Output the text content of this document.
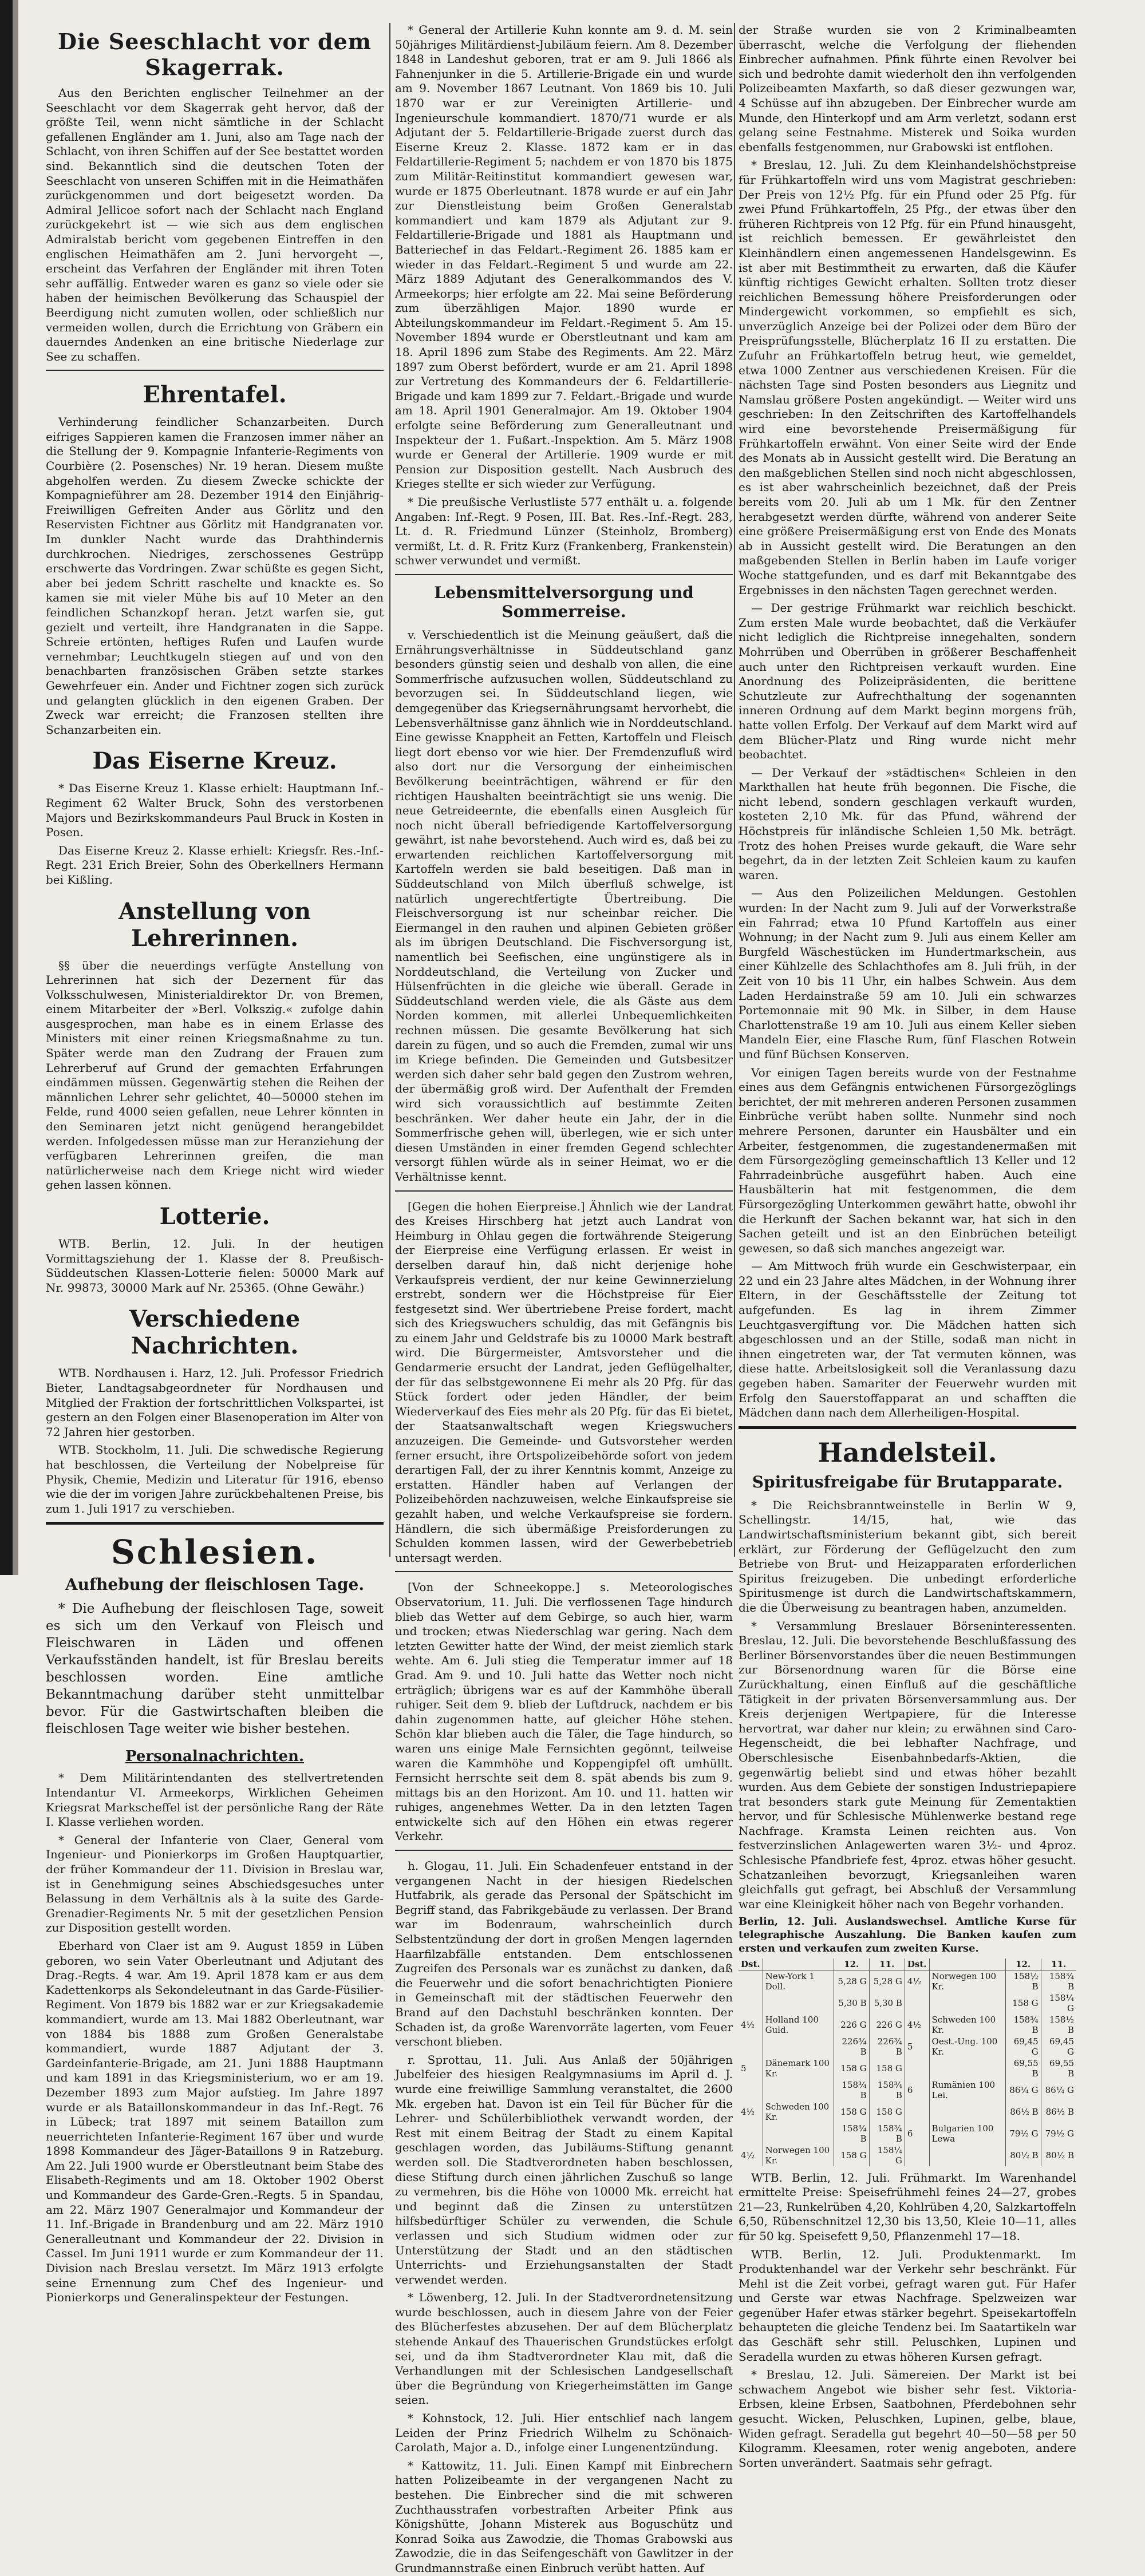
Die Seeschlacht vor dem Skagerrak.

Aus den Berichten englischer Teilnehmer an der Seeschlacht vor dem Skagerrak geht hervor, daß der größte Teil, wenn nicht sämtliche in der Schlacht gefallenen Engländer am 1. Juni, also am Tage nach der Schlacht, von ihren Schiffen auf der See bestattet worden sind. Bekanntlich sind die deutschen Toten der Seeschlacht von unseren Schiffen mit in die Heimathäfen zurückgenommen und dort beigesetzt worden. Da Admiral Jellicoe sofort nach der Schlacht nach England zurückgekehrt ist — wie sich aus dem englischen Admiralstab bericht vom gegebenen Eintreffen in den englischen Heimathäfen am 2. Juni hervorgeht —, erscheint das Verfahren der Engländer mit ihren Toten sehr auffällig. Entweder waren es ganz so viele oder sie haben der heimischen Bevölkerung das Schauspiel der Beerdigung nicht zumuten wollen, oder schließlich nur vermeiden wollen, durch die Errichtung von Gräbern ein dauerndes Andenken an eine britische Niederlage zur See zu schaffen.

Ehrentafel.

Verhinderung feindlicher Schanzarbeiten. Durch eifriges Sappieren kamen die Franzosen immer näher an die Stellung der 9. Kompagnie Infanterie-Regiments von Courbière (2. Posensches) Nr. 19 heran. Diesem mußte abgeholfen werden. Zu diesem Zwecke schickte der Kompagnieführer am 28. Dezember 1914 den Einjährig-Freiwilligen Gefreiten Ander aus Görlitz und den Reservisten Fichtner aus Görlitz mit Handgranaten vor. Im dunkler Nacht wurde das Drahthindernis durchkrochen. Niedriges, zerschossenes Gestrüpp erschwerte das Vordringen. Zwar schüßte es gegen Sicht, aber bei jedem Schritt raschelte und knackte es. So kamen sie mit vieler Mühe bis auf 10 Meter an den feindlichen Schanzkopf heran. Jetzt warfen sie, gut gezielt und verteilt, ihre Handgranaten in die Sappe. Schreie ertönten, heftiges Rufen und Laufen wurde vernehmbar; Leuchtkugeln stiegen auf und von den benachbarten französischen Gräben setzte starkes Gewehrfeuer ein. Ander und Fichtner zogen sich zurück und gelangten glücklich in den eigenen Graben. Der Zweck war erreicht; die Franzosen stellten ihre Schanzarbeiten ein.

Das Eiserne Kreuz.

* Das Eiserne Kreuz 1. Klasse erhielt: Hauptmann Inf.-Regiment 62 Walter Bruck, Sohn des verstorbenen Majors und Bezirkskommandeurs Paul Bruck in Kosten in Posen.

Das Eiserne Kreuz 2. Klasse erhielt: Kriegsfr. Res.-Inf.-Regt. 231 Erich Breier, Sohn des Oberkellners Hermann bei Kißling.

Anstellung von Lehrerinnen.

§§ über die neuerdings verfügte Anstellung von Lehrerinnen hat sich der Dezernent für das Volksschulwesen, Ministerialdirektor Dr. von Bremen, einem Mitarbeiter der »Berl. Volkszig.« zufolge dahin ausgesprochen, man habe es in einem Erlasse des Ministers mit einer reinen Kriegsmaßnahme zu tun. Später werde man den Zudrang der Frauen zum Lehrerberuf auf Grund der gemachten Erfahrungen eindämmen müssen. Gegenwärtig stehen die Reihen der männlichen Lehrer sehr gelichtet, 40—50000 stehen im Felde, rund 4000 seien gefallen, neue Lehrer könnten in den Seminaren jetzt nicht genügend herangebildet werden. Infolgedessen müsse man zur Heranziehung der verfügbaren Lehrerinnen greifen, die man natürlicherweise nach dem Kriege nicht wird wieder gehen lassen können.

Lotterie.

WTB. Berlin, 12. Juli. In der heutigen Vormittagsziehung der 1. Klasse der 8. Preußisch-Süddeutschen Klassen-Lotterie fielen: 50000 Mark auf Nr. 99873, 30000 Mark auf Nr. 25365. (Ohne Gewähr.)

Verschiedene Nachrichten.

WTB. Nordhausen i. Harz, 12. Juli. Professor Friedrich Bieter, Landtagsabgeordneter für Nordhausen und Mitglied der Fraktion der fortschrittlichen Volkspartei, ist gestern an den Folgen einer Blasenoperation im Alter von 72 Jahren hier gestorben.

WTB. Stockholm, 11. Juli. Die schwedische Regierung hat beschlossen, die Verteilung der Nobelpreise für Physik, Chemie, Medizin und Literatur für 1916, ebenso wie die der im vorigen Jahre zurückbehaltenen Preise, bis zum 1. Juli 1917 zu verschieben.

Schlesien.
Aufhebung der fleischlosen Tage.

* Die Aufhebung der fleischlosen Tage, soweit es sich um den Verkauf von Fleisch und Fleischwaren in Läden und offenen Verkaufsständen handelt, ist für Breslau bereits beschlossen worden. Eine amtliche Bekanntmachung darüber steht unmittelbar bevor. Für die Gastwirtschaften bleiben die fleischlosen Tage weiter wie bisher bestehen.

Personalnachrichten.

* Dem Militärintendanten des stellvertretenden Intendantur VI. Armeekorps, Wirklichen Geheimen Kriegsrat Markscheffel ist der persönliche Rang der Räte I. Klasse verliehen worden.

* General der Infanterie von Claer, General vom Ingenieur- und Pionierkorps im Großen Hauptquartier, der früher Kommandeur der 11. Division in Breslau war, ist in Genehmigung seines Abschiedsgesuches unter Belassung in dem Verhältnis als à la suite des Garde-Grenadier-Regiments Nr. 5 mit der gesetzlichen Pension zur Disposition gestellt worden.

Eberhard von Claer ist am 9. August 1859 in Lüben geboren, wo sein Vater Oberleutnant und Adjutant des Drag.-Regts. 4 war. Am 19. April 1878 kam er aus dem Kadettenkorps als Sekondeleutnant in das Garde-Füsilier-Regiment. Von 1879 bis 1882 war er zur Kriegsakademie kommandiert, wurde am 13. Mai 1882 Oberleutnant, war von 1884 bis 1888 zum Großen Generalstabe kommandiert, wurde 1887 Adjutant der 3. Gardeinfanterie-Brigade, am 21. Juni 1888 Hauptmann und kam 1891 in das Kriegsministerium, wo er am 19. Dezember 1893 zum Major aufstieg. Im Jahre 1897 wurde er als Bataillonskommandeur in das Inf.-Regt. 76 in Lübeck; trat 1897 mit seinem Bataillon zum neuerrichteten Infanterie-Regiment 167 über und wurde 1898 Kommandeur des Jäger-Bataillons 9 in Ratzeburg. Am 22. Juli 1900 wurde er Oberstleutnant beim Stabe des Elisabeth-Regiments und am 18. Oktober 1902 Oberst und Kommandeur des Garde-Gren.-Regts. 5 in Spandau, am 22. März 1907 Generalmajor und Kommandeur der 11. Inf.-Brigade in Brandenburg und am 22. März 1910 Generalleutnant und Kommandeur der 22. Division in Cassel. Im Juni 1911 wurde er zum Kommandeur der 11. Division nach Breslau versetzt. Im März 1913 erfolgte seine Ernennung zum Chef des Ingenieur- und Pionierkorps und Generalinspekteur der Festungen.

* General der Artillerie Kuhn konnte am 9. d. M. sein 50jähriges Militärdienst-Jubiläum feiern. Am 8. Dezember 1848 in Landeshut geboren, trat er am 9. Juli 1866 als Fahnenjunker in die 5. Artillerie-Brigade ein und wurde am 9. November 1867 Leutnant. Von 1869 bis 10. Juli 1870 war er zur Vereinigten Artillerie- und Ingenieurschule kommandiert. 1870/71 wurde er als Adjutant der 5. Feldartillerie-Brigade zuerst durch das Eiserne Kreuz 2. Klasse. 1872 kam er in das Feldartillerie-Regiment 5; nachdem er von 1870 bis 1875 zum Militär-Reitinstitut kommandiert gewesen war, wurde er 1875 Oberleutnant. 1878 wurde er auf ein Jahr zur Dienstleistung beim Großen Generalstab kommandiert und kam 1879 als Adjutant zur 9. Feldartillerie-Brigade und 1881 als Hauptmann und Batteriechef in das Feldart.-Regiment 26. 1885 kam er wieder in das Feldart.-Regiment 5 und wurde am 22. März 1889 Adjutant des Generalkommandos des V. Armeekorps; hier erfolgte am 22. Mai seine Beförderung zum überzähligen Major. 1890 wurde er Abteilungskommandeur im Feldart.-Regiment 5. Am 15. November 1894 wurde er Oberstleutnant und kam am 18. April 1896 zum Stabe des Regiments. Am 22. März 1897 zum Oberst befördert, wurde er am 21. April 1898 zur Vertretung des Kommandeurs der 6. Feldartillerie-Brigade und kam 1899 zur 7. Feldart.-Brigade und wurde am 18. April 1901 Generalmajor. Am 19. Oktober 1904 erfolgte seine Beförderung zum Generalleutnant und Inspekteur der 1. Fußart.-Inspektion. Am 5. März 1908 wurde er General der Artillerie. 1909 wurde er mit Pension zur Disposition gestellt. Nach Ausbruch des Krieges stellte er sich wieder zur Verfügung.

* Die preußische Verlustliste 577 enthält u. a. folgende Angaben: Inf.-Regt. 9 Posen, III. Bat. Res.-Inf.-Regt. 283, Lt. d. R. Friedmund Lünzer (Steinholz, Bromberg) vermißt, Lt. d. R. Fritz Kurz (Frankenberg, Frankenstein) schwer verwundet und vermißt.

Lebensmittelversorgung und Sommerreise.

v. Verschiedentlich ist die Meinung geäußert, daß die Ernährungsverhältnisse in Süddeutschland ganz besonders günstig seien und deshalb von allen, die eine Sommerfrische aufzusuchen wollen, Süddeutschland zu bevorzugen sei. In Süddeutschland liegen, wie demgegenüber das Kriegsernährungsamt hervorhebt, die Lebensverhältnisse ganz ähnlich wie in Norddeutschland. Eine gewisse Knappheit an Fetten, Kartoffeln und Fleisch liegt dort ebenso vor wie hier. Der Fremdenzufluß wird also dort nur die Versorgung der einheimischen Bevölkerung beeinträchtigen, während er für den richtigen Haushalten beeinträchtigt sie uns wenig. Die neue Getreideernte, die ebenfalls einen Ausgleich für noch nicht überall befriedigende Kartoffelversorgung gewährt, ist nahe bevorstehend. Auch wird es, daß bei zu erwartenden reichlichen Kartoffelversorgung mit Kartoffeln werden sie bald beseitigen. Daß man in Süddeutschland von Milch überfluß schwelge, ist natürlich ungerechtfertigte Übertreibung. Die Fleischversorgung ist nur scheinbar reicher. Die Eiermangel in den rauhen und alpinen Gebieten größer als im übrigen Deutschland. Die Fischversorgung ist, namentlich bei Seefischen, eine ungünstigere als in Norddeutschland, die Verteilung von Zucker und Hülsenfrüchten in die gleiche wie überall. Gerade in Süddeutschland werden viele, die als Gäste aus dem Norden kommen, mit allerlei Unbequemlichkeiten rechnen müssen. Die gesamte Bevölkerung hat sich darein zu fügen, und so auch die Fremden, zumal wir uns im Kriege befinden. Die Gemeinden und Gutsbesitzer werden sich daher sehr bald gegen den Zustrom wehren, der übermäßig groß wird. Der Aufenthalt der Fremden wird sich voraussichtlich auf bestimmte Zeiten beschränken. Wer daher heute ein Jahr, der in die Sommerfrische gehen will, überlegen, wie er sich unter diesen Umständen in einer fremden Gegend schlechter versorgt fühlen würde als in seiner Heimat, wo er die Verhältnisse kennt.

[Gegen die hohen Eierpreise.] Ähnlich wie der Landrat des Kreises Hirschberg hat jetzt auch Landrat von Heimburg in Ohlau gegen die fortwährende Steigerung der Eierpreise eine Verfügung erlassen. Er weist in derselben darauf hin, daß nicht derjenige hohe Verkaufspreis verdient, der nur keine Gewinnerzielung erstrebt, sondern wer die Höchstpreise für Eier festgesetzt sind. Wer übertriebene Preise fordert, macht sich des Kriegswuchers schuldig, das mit Gefängnis bis zu einem Jahr und Geldstrafe bis zu 10000 Mark bestraft wird. Die Bürgermeister, Amtsvorsteher und die Gendarmerie ersucht der Landrat, jeden Geflügelhalter, der für das selbstgewonnene Ei mehr als 20 Pfg. für das Stück fordert oder jeden Händler, der beim Wiederverkauf des Eies mehr als 20 Pfg. für das Ei bietet, der Staatsanwaltschaft wegen Kriegswuchers anzuzeigen. Die Gemeinde- und Gutsvorsteher werden ferner ersucht, ihre Ortspolizeibehörde sofort von jedem derartigen Fall, der zu ihrer Kenntnis kommt, Anzeige zu erstatten. Händler haben auf Verlangen der Polizeibehörden nachzuweisen, welche Einkaufspreise sie gezahlt haben, und welche Verkaufspreise sie fordern. Händlern, die sich übermäßige Preisforderungen zu Schulden kommen lassen, wird der Gewerbebetrieb untersagt werden.

[Von der Schneekoppe.] s. Meteorologisches Observatorium, 11. Juli. Die verflossenen Tage hindurch blieb das Wetter auf dem Gebirge, so auch hier, warm und trocken; etwas Niederschlag war gering. Nach dem letzten Gewitter hatte der Wind, der meist ziemlich stark wehte. Am 6. Juli stieg die Temperatur immer auf 18 Grad. Am 9. und 10. Juli hatte das Wetter noch nicht erträglich; übrigens war es auf der Kammhöhe überall ruhiger. Seit dem 9. blieb der Luftdruck, nachdem er bis dahin zugenommen hatte, auf gleicher Höhe stehen. Schön klar blieben auch die Täler, die Tage hindurch, so waren uns einige Male Fernsichten gegönnt, teilweise waren die Kammhöhe und Koppengipfel oft umhüllt. Fernsicht herrschte seit dem 8. spät abends bis zum 9. mittags bis an den Horizont. Am 10. und 11. hatten wir ruhiges, angenehmes Wetter. Da in den letzten Tagen entwickelte sich auf den Höhen ein etwas regerer Verkehr.

h. Glogau, 11. Juli. Ein Schadenfeuer entstand in der vergangenen Nacht in der hiesigen Riedelschen Hutfabrik, als gerade das Personal der Spätschicht im Begriff stand, das Fabrikgebäude zu verlassen. Der Brand war im Bodenraum, wahrscheinlich durch Selbstentzündung der dort in großen Mengen lagernden Haarfilzabfälle entstanden. Dem entschlossenen Zugreifen des Personals war es zunächst zu danken, daß die Feuerwehr und die sofort benachrichtigten Pioniere in Gemeinschaft mit der städtischen Feuerwehr den Brand auf den Dachstuhl beschränken konnten. Der Schaden ist, da große Warenvorräte lagerten, vom Feuer verschont blieben.

r. Sprottau, 11. Juli. Aus Anlaß der 50jährigen Jubelfeier des hiesigen Realgymnasiums im April d. J. wurde eine freiwillige Sammlung veranstaltet, die 2600 Mk. ergeben hat. Davon ist ein Teil für Bücher für die Lehrer- und Schülerbibliothek verwandt worden, der Rest mit einem Beitrag der Stadt zu einem Kapital geschlagen worden, das Jubiläums-Stiftung genannt werden soll. Die Stadtverordneten haben beschlossen, diese Stiftung durch einen jährlichen Zuschuß so lange zu vermehren, bis die Höhe von 10000 Mk. erreicht hat und beginnt daß die Zinsen zu unterstützen hilfsbedürftiger Schüler zu verwenden, die Schule verlassen und sich Studium widmen oder zur Unterstützung der Stadt und an den städtischen Unterrichts- und Erziehungsanstalten der Stadt verwendet werden.

* Löwenberg, 12. Juli. In der Stadtverordnetensitzung wurde beschlossen, auch in diesem Jahre von der Feier des Blücherfestes abzusehen. Der auf dem Blücherplatz stehende Ankauf des Thauerischen Grundstückes erfolgt sei, und da ihm Stadtverordneter Klau mit, daß die Verhandlungen mit der Schlesischen Landgesellschaft über die Begründung von Kriegerheimstätten im Gange seien.

* Kohnstock, 12. Juli. Hier entschlief nach langem Leiden der Prinz Friedrich Wilhelm zu Schönaich-Carolath, Major a. D., infolge einer Lungenentzündung.

* Kattowitz, 11. Juli. Einen Kampf mit Einbrechern hatten Polizeibeamte in der vergangenen Nacht zu bestehen. Die Einbrecher sind die mit schweren Zuchthausstrafen vorbestraften Arbeiter Pfink aus Königshütte, Johann Misterek aus Boguschütz und Konrad Soika aus Zawodzie, die Thomas Grabowski aus Zawodzie, die in das Seifengeschäft von Gawlitzer in der Grundmannstraße einen Einbruch verübt hatten. Auf

der Straße wurden sie von 2 Kriminalbeamten überrascht, welche die Verfolgung der fliehenden Einbrecher aufnahmen. Pfink führte einen Revolver bei sich und bedrohte damit wiederholt den ihn verfolgenden Polizeibeamten Maxfarth, so daß dieser gezwungen war, 4 Schüsse auf ihn abzugeben. Der Einbrecher wurde am Munde, den Hinterkopf und am Arm verletzt, sodann erst gelang seine Festnahme. Misterek und Soika wurden ebenfalls festgenommen, nur Grabowski ist entflohen.

* Breslau, 12. Juli. Zu dem Kleinhandelshöchstpreise für Frühkartoffeln wird uns vom Magistrat geschrieben: Der Preis von 12½ Pfg. für ein Pfund oder 25 Pfg. für zwei Pfund Frühkartoffeln, 25 Pfg., der etwas über den früheren Richtpreis von 12 Pfg. für ein Pfund hinausgeht, ist reichlich bemessen. Er gewährleistet den Kleinhändlern einen angemessenen Handelsgewinn. Es ist aber mit Bestimmtheit zu erwarten, daß die Käufer künftig richtiges Gewicht erhalten. Sollten trotz dieser reichlichen Bemessung höhere Preisforderungen oder Mindergewicht vorkommen, so empfiehlt es sich, unverzüglich Anzeige bei der Polizei oder dem Büro der Preisprüfungsstelle, Blücherplatz 16 II zu erstatten. Die Zufuhr an Frühkartoffeln betrug heut, wie gemeldet, etwa 1000 Zentner aus verschiedenen Kreisen. Für die nächsten Tage sind Posten besonders aus Liegnitz und Namslau größere Posten angekündigt. — Weiter wird uns geschrieben: In den Zeitschriften des Kartoffelhandels wird eine bevorstehende Preisermäßigung für Frühkartoffeln erwähnt. Von einer Seite wird der Ende des Monats ab in Aussicht gestellt wird. Die Beratung an den maßgeblichen Stellen sind noch nicht abgeschlossen, es ist aber wahrscheinlich bezeichnet, daß der Preis bereits vom 20. Juli ab um 1 Mk. für den Zentner herabgesetzt werden dürfte, während von anderer Seite eine größere Preisermäßigung erst von Ende des Monats ab in Aussicht gestellt wird. Die Beratungen an den maßgebenden Stellen in Berlin haben im Laufe voriger Woche stattgefunden, und es darf mit Bekanntgabe des Ergebnisses in den nächsten Tagen gerechnet werden.

— Der gestrige Frühmarkt war reichlich beschickt. Zum ersten Male wurde beobachtet, daß die Verkäufer nicht lediglich die Richtpreise innegehalten, sondern Mohrrüben und Oberrüben in größerer Beschaffenheit auch unter den Richtpreisen verkauft wurden. Eine Anordnung des Polizeipräsidenten, die berittene Schutzleute zur Aufrechthaltung der sogenannten inneren Ordnung auf dem Markt beginn morgens früh, hatte vollen Erfolg. Der Verkauf auf dem Markt wird auf dem Blücher-Platz und Ring wurde nicht mehr beobachtet.

— Der Verkauf der »städtischen« Schleien in den Markthallen hat heute früh begonnen. Die Fische, die nicht lebend, sondern geschlagen verkauft wurden, kosteten 2,10 Mk. für das Pfund, während der Höchstpreis für inländische Schleien 1,50 Mk. beträgt. Trotz des hohen Preises wurde gekauft, die Ware sehr begehrt, da in der letzten Zeit Schleien kaum zu kaufen waren.

— Aus den Polizeilichen Meldungen. Gestohlen wurden: In der Nacht zum 9. Juli auf der Vorwerkstraße ein Fahrrad; etwa 10 Pfund Kartoffeln aus einer Wohnung; in der Nacht zum 9. Juli aus einem Keller am Burgfeld Wäschestücken im Hundertmarkschein, aus einer Kühlzelle des Schlachthofes am 8. Juli früh, in der Zeit von 10 bis 11 Uhr, ein halbes Schwein. Aus dem Laden Herdainstraße 59 am 10. Juli ein schwarzes Portemonnaie mit 90 Mk. in Silber, in dem Hause Charlottenstraße 19 am 10. Juli aus einem Keller sieben Mandeln Eier, eine Flasche Rum, fünf Flaschen Rotwein und fünf Büchsen Konserven.

Vor einigen Tagen bereits wurde von der Festnahme eines aus dem Gefängnis entwichenen Fürsorgezöglings berichtet, der mit mehreren anderen Personen zusammen Einbrüche verübt haben sollte. Nunmehr sind noch mehrere Personen, darunter ein Hausbälter und ein Arbeiter, festgenommen, die zugestandenermaßen mit dem Fürsorgezögling gemeinschaftlich 13 Keller und 12 Fahrradeinbrüche ausgeführt haben. Auch eine Hausbälterin hat mit festgenommen, die dem Fürsorgezögling Unterkommen gewährt hatte, obwohl ihr die Herkunft der Sachen bekannt war, hat sich in den Sachen geteilt und ist an den Einbrüchen beteiligt gewesen, so daß sich manches angezeigt war.

— Am Mittwoch früh wurde ein Geschwisterpaar, ein 22 und ein 23 Jahre altes Mädchen, in der Wohnung ihrer Eltern, in der Geschäftsstelle der Zeitung tot aufgefunden. Es lag in ihrem Zimmer Leuchtgasvergiftung vor. Die Mädchen hatten sich abgeschlossen und an der Stille, sodaß man nicht in ihnen eingetreten war, der Tat vermuten können, was diese hatte. Arbeitslosigkeit soll die Veranlassung dazu gegeben haben. Samariter der Feuerwehr wurden mit Erfolg den Sauerstoffapparat an und schafften die Mädchen dann nach dem Allerheiligen-Hospital.

Handelsteil.
Spiritusfreigabe für Brutapparate.

* Die Reichsbranntweinstelle in Berlin W 9, Schellingstr. 14/15, hat, wie das Landwirtschaftsministerium bekannt gibt, sich bereit erklärt, zur Förderung der Geflügelzucht den zum Betriebe von Brut- und Heizapparaten erforderlichen Spiritus freizugeben. Die unbedingt erforderliche Spiritusmenge ist durch die Landwirtschaftskammern, die die Überweisung zu beantragen haben, anzumelden.

* Versammlung Breslauer Börseninteressenten. Breslau, 12. Juli. Die bevorstehende Beschlußfassung des Berliner Börsenvorstandes über die neuen Bestimmungen zur Börsenordnung waren für die Börse eine Zurückhaltung, einen Einfluß auf die geschäftliche Tätigkeit in der privaten Börsenversammlung aus. Der Kreis derjenigen Wertpapiere, für die Interesse hervortrat, war daher nur klein; zu erwähnen sind Caro-Hegenscheidt, die bei lebhafter Nachfrage, und Oberschlesische Eisenbahnbedarfs-Aktien, die gegenwärtig beliebt sind und etwas höher bezahlt wurden. Aus dem Gebiete der sonstigen Industriepapiere trat besonders stark gute Meinung für Zementaktien hervor, und für Schlesische Mühlenwerke bestand rege Nachfrage. Kramsta Leinen reichten aus. Von festverzinslichen Anlagewerten waren 3½- und 4proz. Schlesische Pfandbriefe fest, 4proz. etwas höher gesucht. Schatzanleihen bevorzugt, Kriegsanleihen waren gleichfalls gut gefragt, bei Abschluß der Versammlung war eine Kleinigkeit höher nach von Begehr vorhanden.

Berlin, 12. Juli. Auslandswechsel. Amtliche Kurse für telegraphische Auszahlung. Die Banken kaufen zum ersten und verkaufen zum zweiten Kurse.

Dst.		12.	11.	Dst.		12.	11.
	New-York 1 Doll.	5,28 G	5,28 G	4½	Norwegen 100 Kr.	158½ B	158¾ B
		5,30 B	5,30 B			158 G	158¼ G
4½	Holland 100 Guld.	226 G	226 G	4½	Schweden 100 Kr.	158¾ B	158½ B
		226¾ B	226¾ B	5	Oest.-Ung. 100 Kr.	69,45 G	69,45 G
5	Dänemark 100 Kr.	158 G	158 G			69,55 B	69,55 B
		158¾ B	158¾ B	6	Rumänien 100 Lei.	86¼ G	86¼ G
4½	Schweden 100 Kr.	158 G	158 G			86½ B	86½ B
		158¾ B	158¾ B	6	Bulgarien 100 Lewa	79½ G	79½ G
4½	Norwegen 100 Kr.	158 G	158¼ G			80½ B	80½ B

WTB. Berlin, 12. Juli. Frühmarkt. Im Warenhandel ermittelte Preise: Speisefrühmehl feines 24—27, grobes 21—23, Runkelrüben 4,20, Kohlrüben 4,20, Salzkartoffeln 6,50, Rübenschnitzel 12,30 bis 13,50, Kleie 10—11, alles für 50 kg. Speisefett 9,50, Pflanzenmehl 17—18.

WTB. Berlin, 12. Juli. Produktenmarkt. Im Produktenhandel war der Verkehr sehr beschränkt. Für Mehl ist die Zeit vorbei, gefragt waren gut. Für Hafer und Gerste war etwas Nachfrage. Spelzweizen war gegenüber Hafer etwas stärker begehrt. Speisekartoffeln behaupteten die gleiche Tendenz bei. Im Saatartikeln war das Geschäft sehr still. Peluschken, Lupinen und Seradella wurden zu etwas höheren Kursen gefragt.

* Breslau, 12. Juli. Sämereien. Der Markt ist bei schwachem Angebot wie bisher sehr fest. Viktoria-Erbsen, kleine Erbsen, Saatbohnen, Pferdebohnen sehr gesucht. Wicken, Peluschken, Lupinen, gelbe, blaue, Widen gefragt. Seradella gut begehrt 40—50—58 per 50 Kilogramm. Kleesamen, roter wenig angeboten, andere Sorten unverändert. Saatmais sehr gefragt.
